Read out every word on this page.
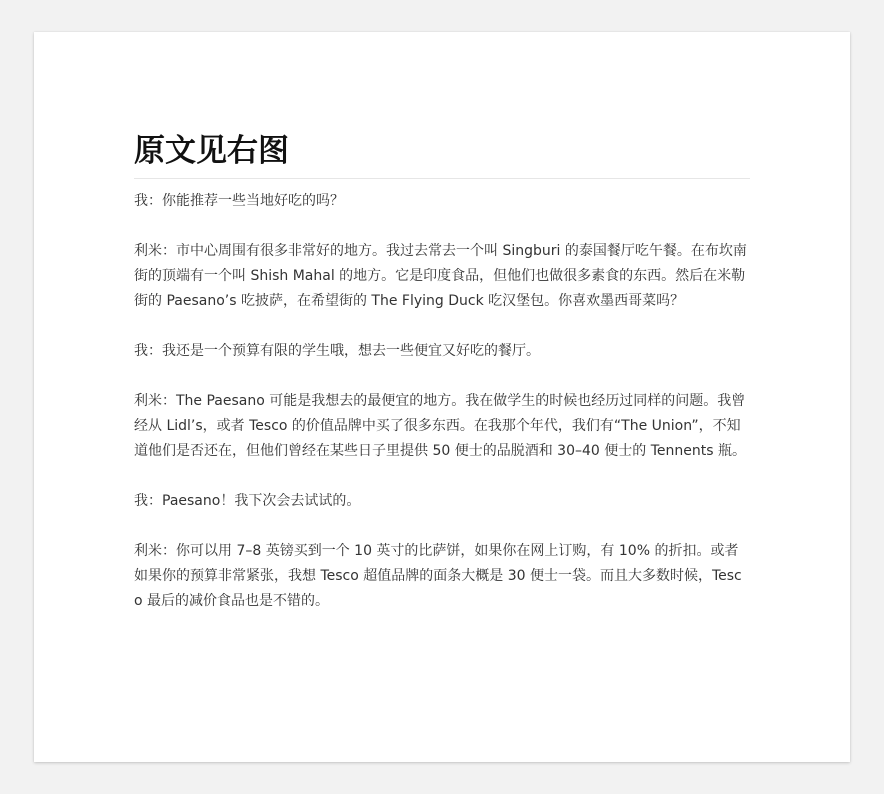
原文见右图

我：你能推荐一些当地好吃的吗？

利米：市中心周围有很多非常好的地方。我过去常去一个叫 Singburi 的泰国餐厅吃午餐。在布坎南街的顶端有一个叫 Shish Mahal 的地方。它是印度食品，但他们也做很多素食的东西。然后在米勒街的 Paesano’s 吃披萨，在希望街的 The Flying Duck 吃汉堡包。你喜欢墨西哥菜吗？

我：我还是一个预算有限的学生哦，想去一些便宜又好吃的餐厅。

利米：The Paesano 可能是我想去的最便宜的地方。我在做学生的时候也经历过同样的问题。我曾经从 Lidl’s，或者 Tesco 的价值品牌中买了很多东西。在我那个年代，我们有“The Union”，不知道他们是否还在，但他们曾经在某些日子里提供 50 便士的品脱酒和 30–40 便士的 Tennents 瓶。

我：Paesano！我下次会去试试的。

利米：你可以用 7–8 英镑买到一个 10 英寸的比萨饼，如果你在网上订购，有 10% 的折扣。或者如果你的预算非常紧张，我想 Tesco 超值品牌的面条大概是 30 便士一袋。而且大多数时候，Tesco 最后的减价食品也是不错的。
